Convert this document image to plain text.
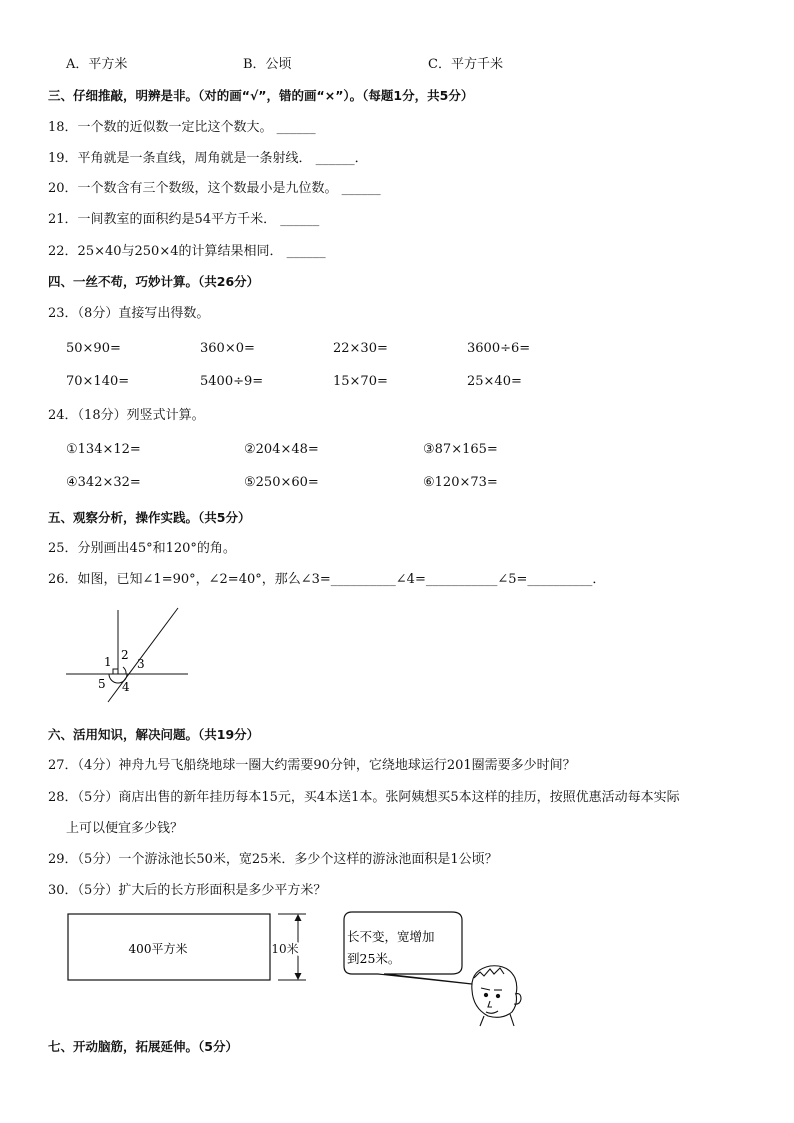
A．平方米	B．公顷	C．平方千米
三、仔细推敲，明辨是非。（对的画“√”，错的画“×”）。（每题1分，共5分）
18．一个数的近似数一定比这个数大。 ______
19．平角就是一条直线，周角就是一条射线． ______．
20．一个数含有三个数级，这个数最小是九位数。 ______
21．一间教室的面积约是54平方千米． ______
22．25×40与250×4的计算结果相同． ______
四、一丝不苟，巧妙计算。（共26分）
23．（8分）直接写出得数。
50×90=	360×0=	22×30=	3600÷6=
70×140=	5400÷9=	15×70=	25×40=
24．（18分）列竖式计算。
①134×12=	②204×48=	③87×165=
④342×32=	⑤250×60=	⑥120×73=
五、观察分析，操作实践。（共5分）
25．分别画出45°和120°的角。
26．如图，已知∠1=90°，∠2=40°，那么∠3=__________∠4=___________∠5=__________．
1 2
3
5 4
六、活用知识，解决问题。（共19分）
27．（4分）神舟九号飞船绕地球一圈大约需要90分钟，它绕地球运行201圈需要多少时间？
28．（5分）商店出售的新年挂历每本15元，买4本送1本。张阿姨想买5本这样的挂历，按照优惠活动每本实际
上可以便宜多少钱？
29．（5分）一个游泳池长50米，宽25米．多少个这样的游泳池面积是1公顷？
30．（5分）扩大后的长方形面积是多少平方米？
400平方米	10米
长不变，宽增加
到25米。
七、开动脑筋，拓展延伸。（5分）
